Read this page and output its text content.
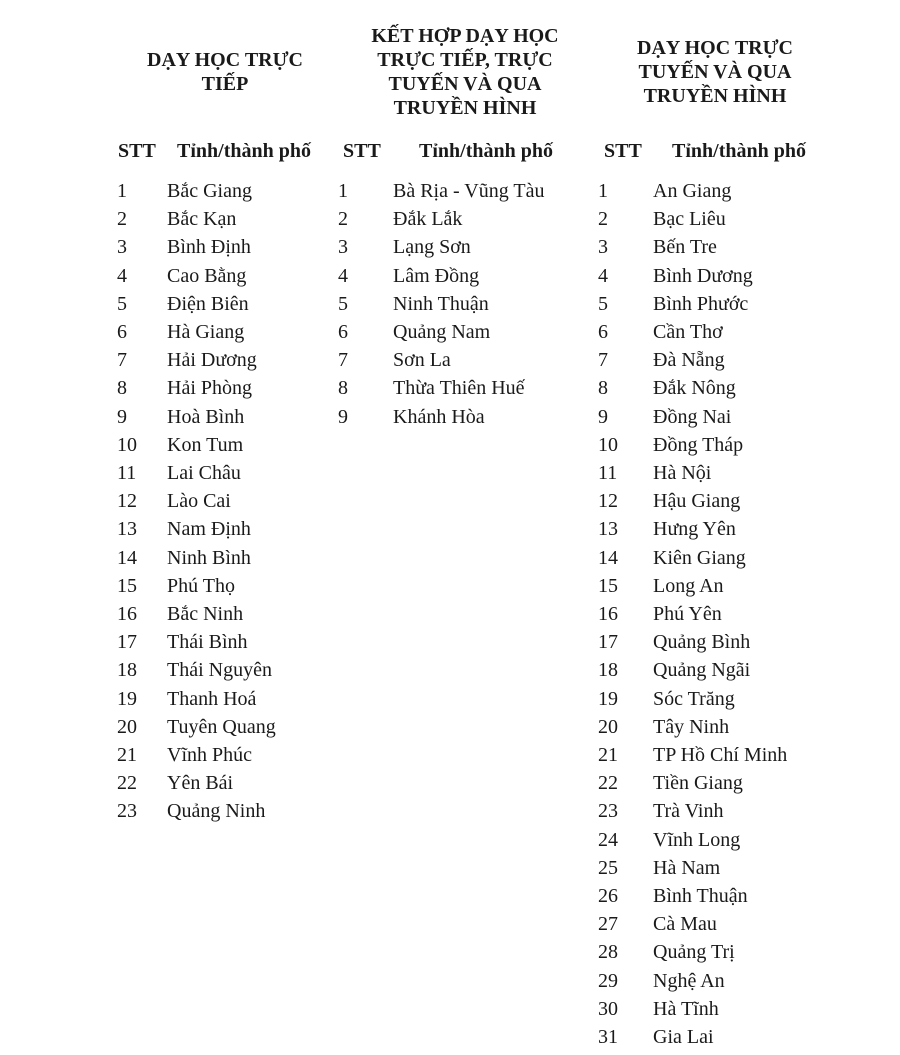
DẠY HỌC TRỰC
TIẾP
STT Tỉnh/thành phố
1 Bắc Giang
2 Bắc Kạn
3 Bình Định
4 Cao Bằng
5 Điện Biên
6 Hà Giang
7 Hải Dương
8 Hải Phòng
9 Hoà Bình
10 Kon Tum
11 Lai Châu
12 Lào Cai
13 Nam Định
14 Ninh Bình
15 Phú Thọ
16 Bắc Ninh
17 Thái Bình
18 Thái Nguyên
19 Thanh Hoá
20 Tuyên Quang
21 Vĩnh Phúc
22 Yên Bái
23 Quảng Ninh
KẾT HỢP DẠY HỌC
TRỰC TIẾP, TRỰC
TUYẾN VÀ QUA
TRUYỀN HÌNH
STT Tỉnh/thành phố
1 Bà Rịa - Vũng Tàu
2 Đắk Lắk
3 Lạng Sơn
4 Lâm Đồng
5 Ninh Thuận
6 Quảng Nam
7 Sơn La
8 Thừa Thiên Huế
9 Khánh Hòa
DẠY HỌC TRỰC
TUYẾN VÀ QUA
TRUYỀN HÌNH
STT Tỉnh/thành phố
1 An Giang
2 Bạc Liêu
3 Bến Tre
4 Bình Dương
5 Bình Phước
6 Cần Thơ
7 Đà Nẵng
8 Đắk Nông
9 Đồng Nai
10 Đồng Tháp
11 Hà Nội
12 Hậu Giang
13 Hưng Yên
14 Kiên Giang
15 Long An
16 Phú Yên
17 Quảng Bình
18 Quảng Ngãi
19 Sóc Trăng
20 Tây Ninh
21 TP Hồ Chí Minh
22 Tiền Giang
23 Trà Vinh
24 Vĩnh Long
25 Hà Nam
26 Bình Thuận
27 Cà Mau
28 Quảng Trị
29 Nghệ An
30 Hà Tĩnh
31 Gia Lai
